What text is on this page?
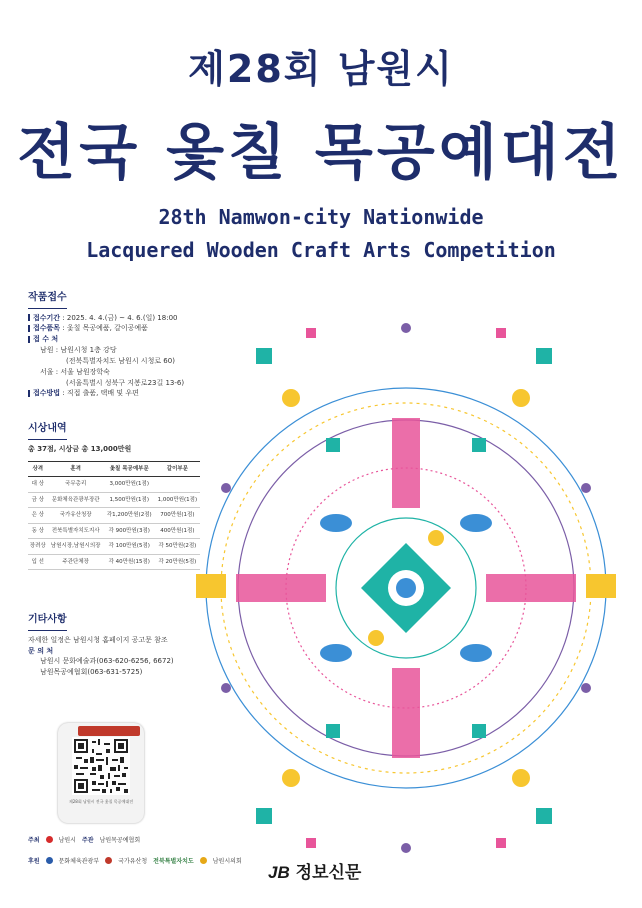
제28회 남원시
전국 옻칠 목공예대전
28th Namwon-city Nationwide
Lacquered Wooden Craft Arts Competition
작품접수
접수기간 : 2025. 4. 4.(금) ~ 4. 6.(일) 18:00
접수품목 : 옻칠 목공예품, 갈이공예품
접 수 처
남원 : 남원시청 1층 강당
(전북특별자치도 남원시 시청로 60)
서울 : 서울 남원장학숙
(서울특별시 성북구 지봉로23길 13-6)
접수방법 : 직접 출품, 택배 및 우편
시상내역
총 37점, 시상금 총 13,000만원
상격	훈격	옻칠 목공예부문	갈이부문
대 상	국무총리	3,000만원(1점)	
금 상	문화체육관광부장관	1,500만원(1점)	1,000만원(1점)
은 상	국가유산청장	각1,200만원(2점)	700만원(1점)
동 상	전북특별자치도지사	각 900만원(3점)	400만원(1점)
장려상	남원시장,남원시의장	각 100만원(5점)	각 50만원(2점)
입 선	주관단체장	각 40만원(15점)	각 20만원(5점)
기타사항
자세한 일정은 남원시청 홈페이지 공고문 참조
문 의 처
남원시 문화예술과(063-620-6256, 6672)
남원목공예협회(063-631-5725)
제28회 남원시 전국 옻칠 목공예대전
주최	남원시 주관 남원목공예협회
후원	문화체육관광부	국가유산청 전북특별자치도	남원시의회
JB 정보신문
